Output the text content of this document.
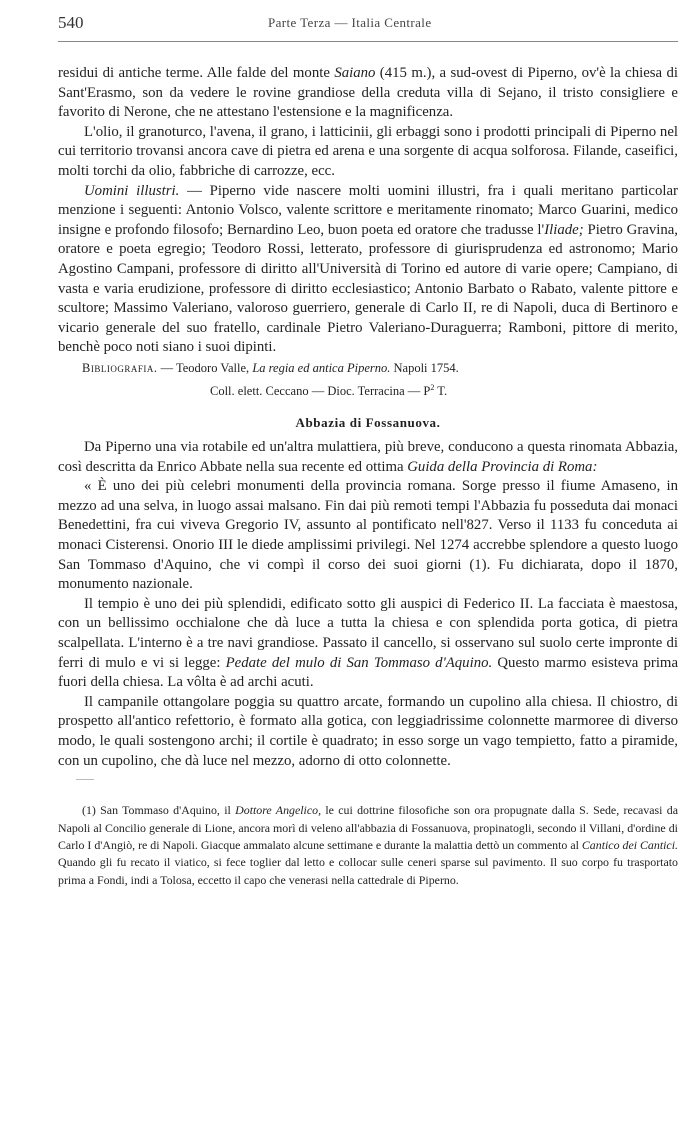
540	Parte Terza — Italia Centrale

residui di antiche terme. Alle falde del monte Saiano (415 m.), a sud-ovest di Piperno, ov'è la chiesa di Sant'Erasmo, son da vedere le rovine grandiose della creduta villa di Sejano, il tristo consigliere e favorito di Nerone, che ne attestano l'estensione e la magnificenza.

L'olio, il granoturco, l'avena, il grano, i latticinii, gli erbaggi sono i prodotti principali di Piperno nel cui territorio trovansi ancora cave di pietra ed arena e una sorgente di acqua solforosa. Filande, caseifici, molti torchi da olio, fabbriche di carrozze, ecc.

Uomini illustri. — Piperno vide nascere molti uomini illustri, fra i quali meritano particolar menzione i seguenti: Antonio Volsco, valente scrittore e meritamente rinomato; Marco Guarini, medico insigne e profondo filosofo; Bernardino Leo, buon poeta ed oratore che tradusse l'Iliade; Pietro Gravina, oratore e poeta egregio; Teodoro Rossi, letterato, professore di giurisprudenza ed astronomo; Mario Agostino Campani, professore di diritto all'Università di Torino ed autore di varie opere; Campiano, di vasta e varia erudizione, professore di diritto ecclesiastico; Antonio Barbato o Rabato, valente pittore e scultore; Massimo Valeriano, valoroso guerriero, generale di Carlo II, re di Napoli, duca di Bertinoro e vicario generale del suo fratello, cardinale Pietro Valeriano-Duraguerra; Ramboni, pittore di merito, benchè poco noti siano i suoi dipinti.

Bibliografia. — Teodoro Valle, La regia ed antica Piperno. Napoli 1754.
Coll. elett. Ceccano — Dioc. Terracina — $P^2$ T.
Abbazia di Fossanuova.

Da Piperno una via rotabile ed un'altra mulattiera, più breve, conducono a questa rinomata Abbazia, così descritta da Enrico Abbate nella sua recente ed ottima Guida della Provincia di Roma:

« È uno dei più celebri monumenti della provincia romana. Sorge presso il fiume Amaseno, in mezzo ad una selva, in luogo assai malsano. Fin dai più remoti tempi l'Abbazia fu posseduta dai monaci Benedettini, fra cui viveva Gregorio IV, assunto al pontificato nell'827. Verso il 1133 fu conceduta ai monaci Cisterensi. Onorio III le diede amplissimi privilegi. Nel 1274 accrebbe splendore a questo luogo San Tommaso d'Aquino, che vi compì il corso dei suoi giorni (1). Fu dichiarata, dopo il 1870, monumento nazionale.

Il tempio è uno dei più splendidi, edificato sotto gli auspici di Federico II. La facciata è maestosa, con un bellissimo occhialone che dà luce a tutta la chiesa e con splendida porta gotica, di pietra scalpellata. L'interno è a tre navi grandiose. Passato il cancello, si osservano sul suolo certe impronte di ferri di mulo e vi si legge: Pedate del mulo di San Tommaso d'Aquino. Questo marmo esisteva prima fuori della chiesa. La vôlta è ad archi acuti.

Il campanile ottangolare poggia su quattro arcate, formando un cupolino alla chiesa. Il chiostro, di prospetto all'antico refettorio, è formato alla gotica, con leggiadrissime colonnette marmoree di diverso modo, le quali sostengono archi; il cortile è quadrato; in esso sorge un vago tempietto, fatto a piramide, con un cupolino, che dà luce nel mezzo, adorno di otto colonnette.

(1) San Tommaso d'Aquino, il Dottore Angelico, le cui dottrine filosofiche son ora propugnate dalla S. Sede, recavasi da Napoli al Concilio generale di Lione, ancora morì di veleno all'abbazia di Fossanuova, propinatogli, secondo il Villani, d'ordine di Carlo I d'Angiò, re di Napoli. Giacque ammalato alcune settimane e durante la malattia dettò un commento al Cantico dei Cantici. Quando gli fu recato il viatico, si fece toglier dal letto e collocar sulle ceneri sparse sul pavimento. Il suo corpo fu trasportato prima a Fondi, indi a Tolosa, eccetto il capo che venerasi nella cattedrale di Piperno.
